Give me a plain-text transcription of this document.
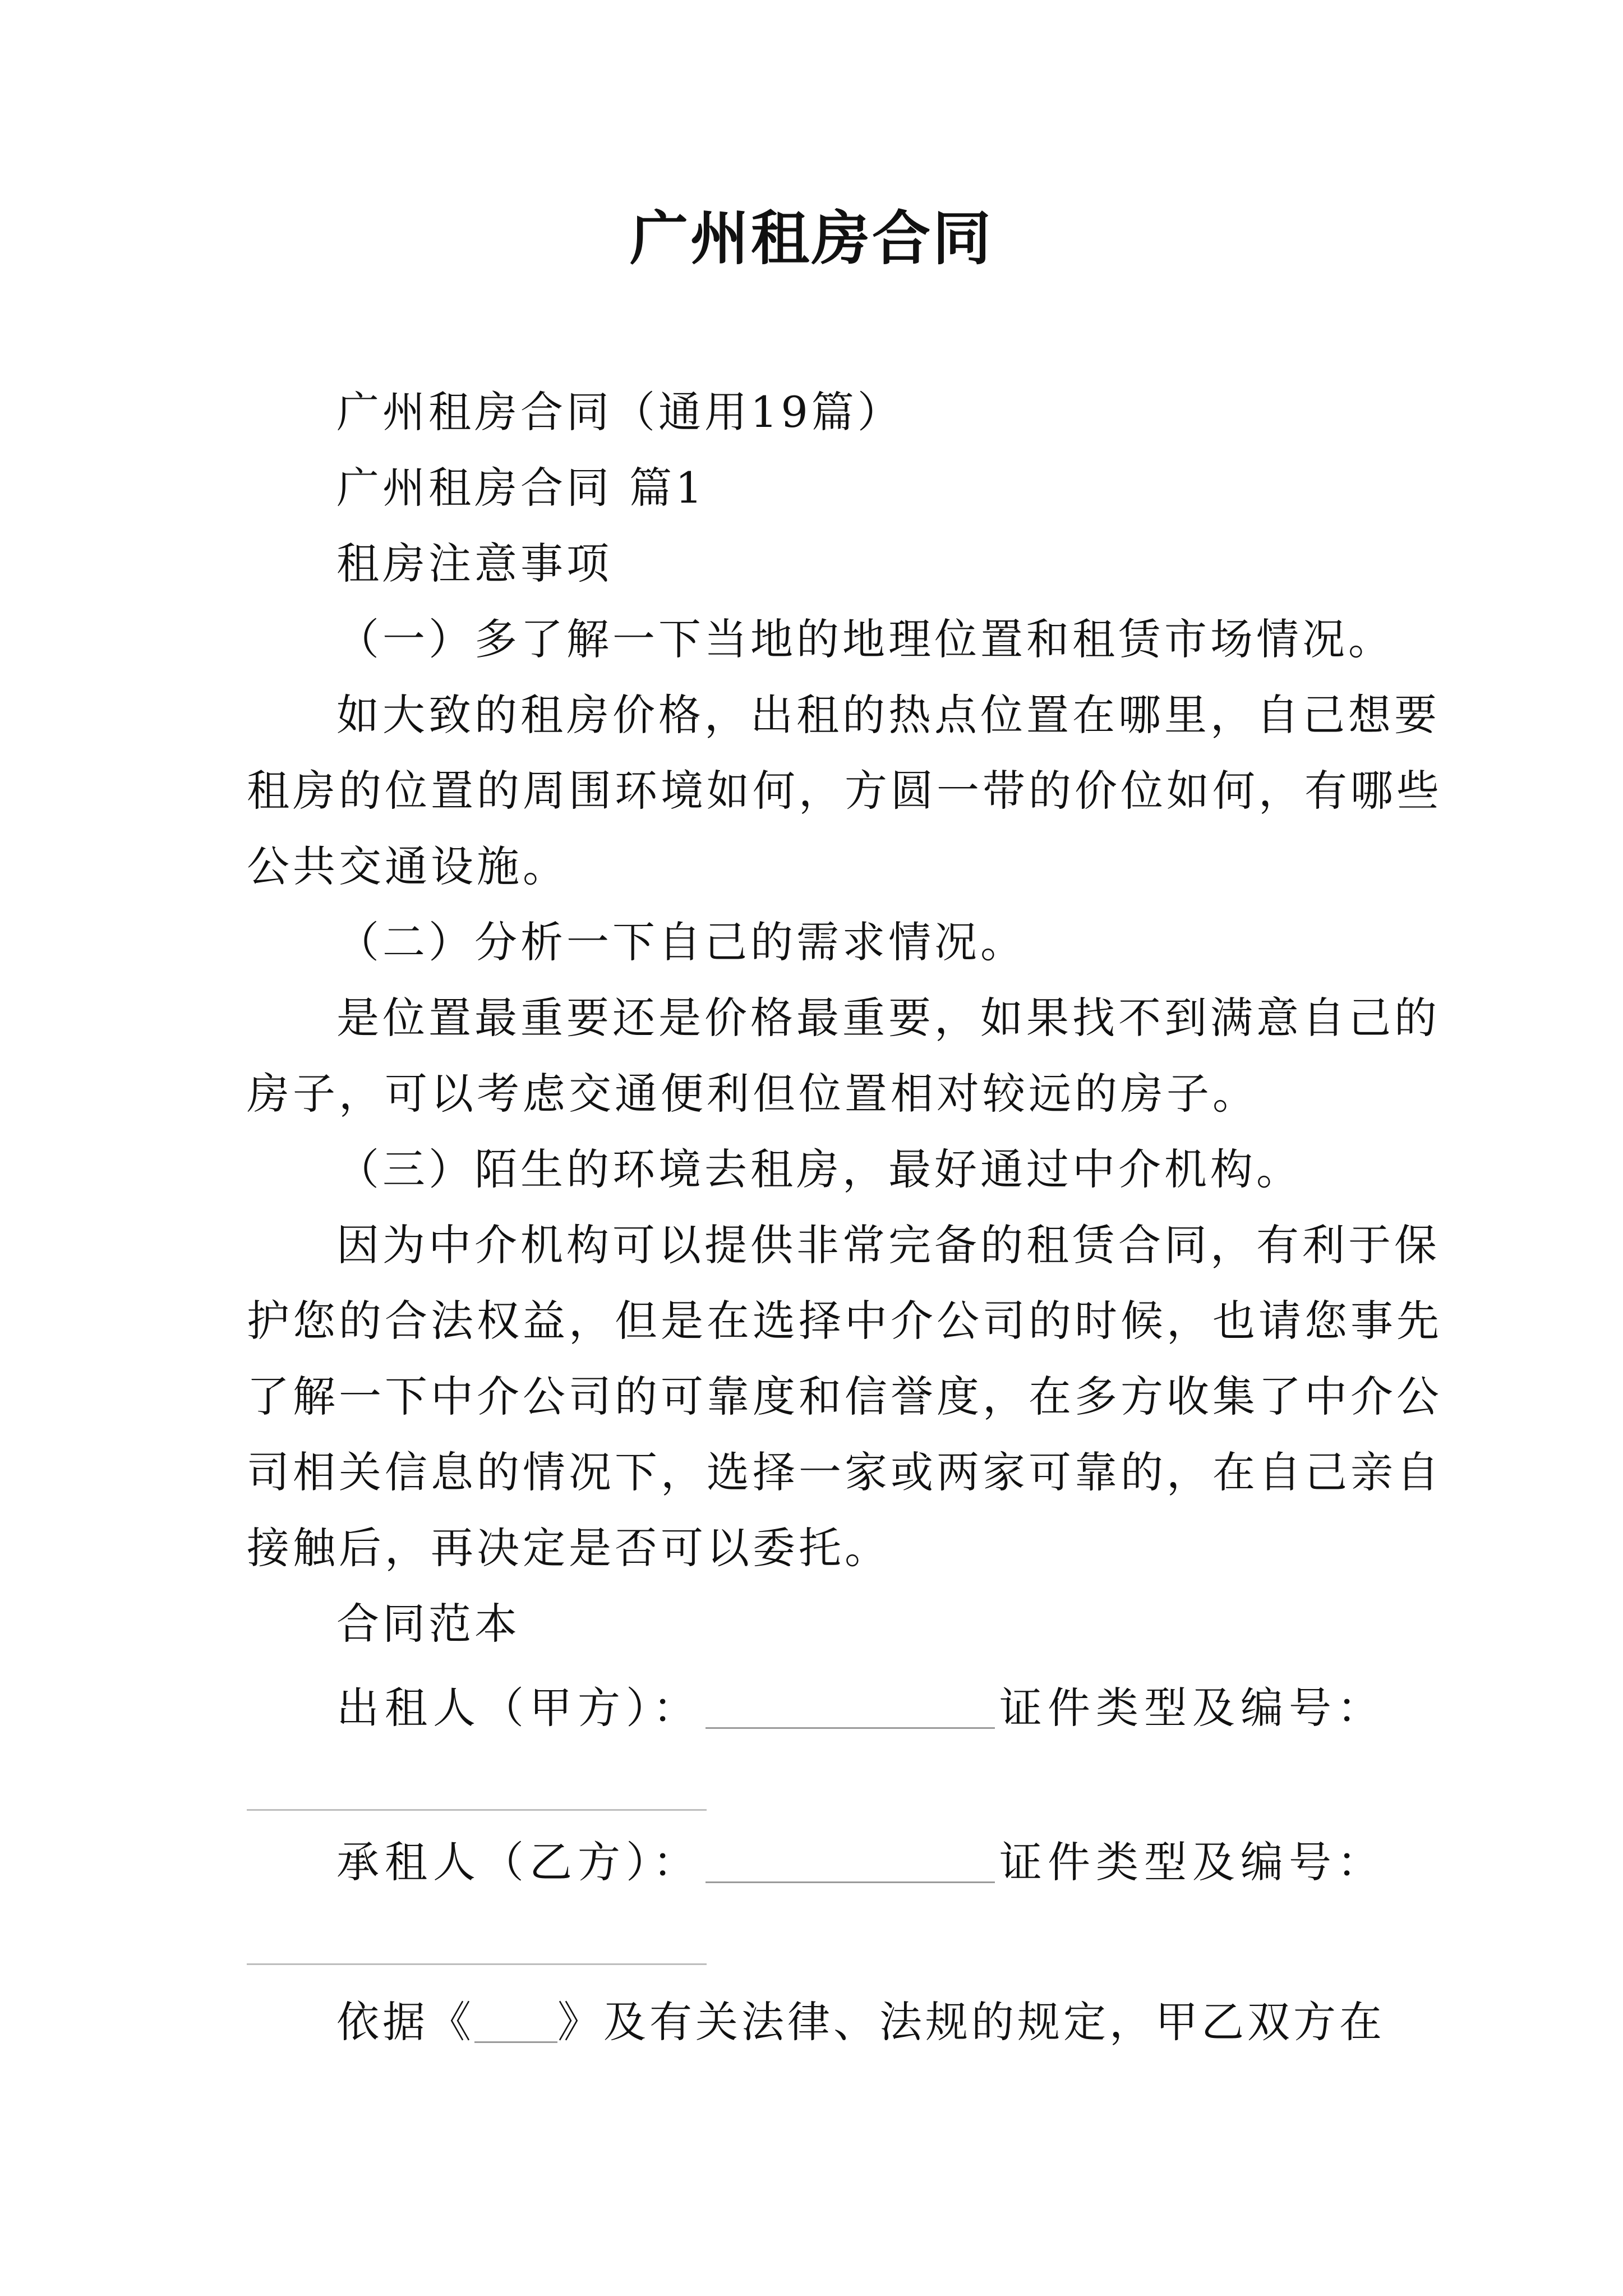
广州租房合同
广州租房合同（通用19篇）
广州租房合同 篇1
租房注意事项
（一）多了解一下当地的地理位置和租赁市场情况。
如大致的租房价格，出租的热点位置在哪里，自己想要
租房的位置的周围环境如何，方圆一带的价位如何，有哪些
公共交通设施。
（二）分析一下自己的需求情况。
是位置最重要还是价格最重要，如果找不到满意自己的
房子，可以考虑交通便利但位置相对较远的房子。
（三）陌生的环境去租房，最好通过中介机构。
因为中介机构可以提供非常完备的租赁合同，有利于保
护您的合法权益，但是在选择中介公司的时候，也请您事先
了解一下中介公司的可靠度和信誉度，在多方收集了中介公
司相关信息的情况下，选择一家或两家可靠的，在自己亲自
接触后，再决定是否可以委托。
合同范本
出租人（甲方）：	证件类型及编号：
承租人（乙方）：	证件类型及编号：
依据《 》及有关法律、法规的规定，甲乙双方在
